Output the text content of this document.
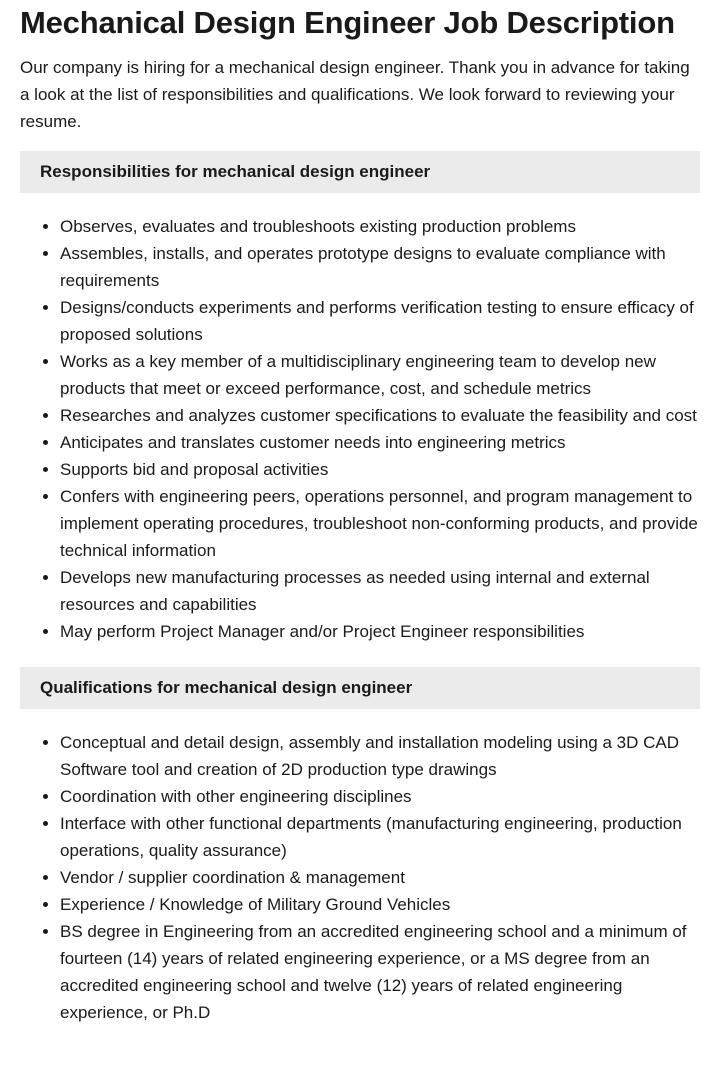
Mechanical Design Engineer Job Description

Our company is hiring for a mechanical design engineer. Thank you in advance for taking a look at the list of responsibilities and qualifications. We look forward to reviewing your resume.

Responsibilities for mechanical design engineer
• Observes, evaluates and troubleshoots existing production problems
• Assembles, installs, and operates prototype designs to evaluate compliance with requirements
• Designs/conducts experiments and performs verification testing to ensure efficacy of proposed solutions
• Works as a key member of a multidisciplinary engineering team to develop new products that meet or exceed performance, cost, and schedule metrics
• Researches and analyzes customer specifications to evaluate the feasibility and cost
• Anticipates and translates customer needs into engineering metrics
• Supports bid and proposal activities
• Confers with engineering peers, operations personnel, and program management to implement operating procedures, troubleshoot non-conforming products, and provide technical information
• Develops new manufacturing processes as needed using internal and external resources and capabilities
• May perform Project Manager and/or Project Engineer responsibilities
Qualifications for mechanical design engineer
• Conceptual and detail design, assembly and installation modeling using a 3D CAD Software tool and creation of 2D production type drawings
• Coordination with other engineering disciplines
• Interface with other functional departments (manufacturing engineering, production operations, quality assurance)
• Vendor / supplier coordination & management
• Experience / Knowledge of Military Ground Vehicles
• BS degree in Engineering from an accredited engineering school and a minimum of fourteen (14) years of related engineering experience, or a MS degree from an accredited engineering school and twelve (12) years of related engineering experience, or Ph.D
